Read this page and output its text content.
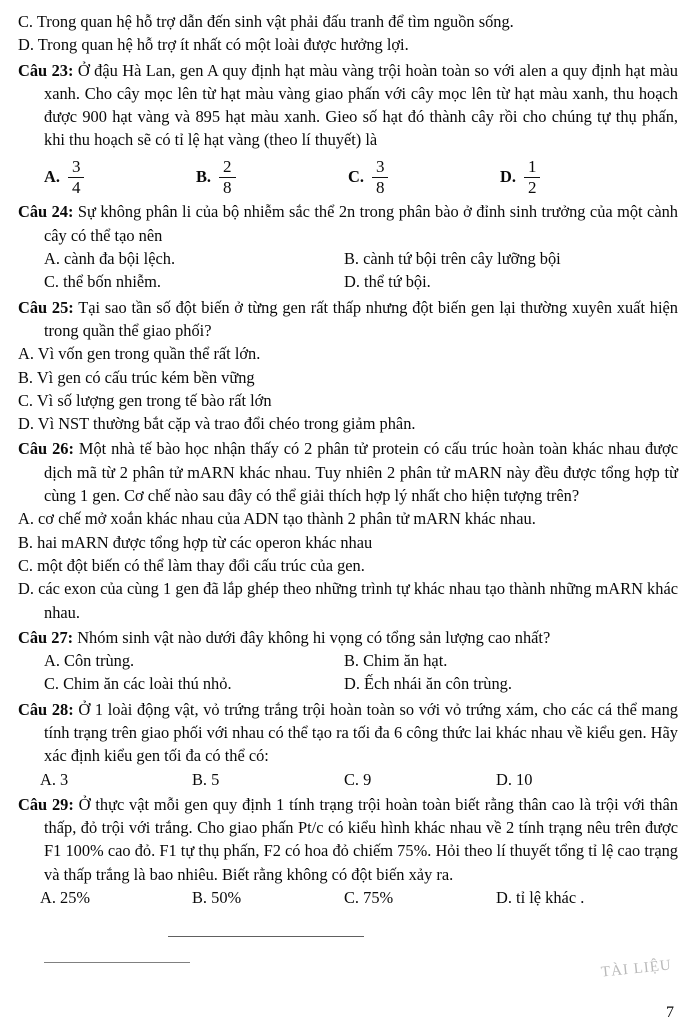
C. Trong quan hệ hỗ trợ dẫn đến sinh vật phải đấu tranh để tìm nguồn sống.
D. Trong quan hệ hỗ trợ ít nhất có một loài được hưởng lợi.
Câu 23: Ở đậu Hà Lan, gen A quy định hạt màu vàng trội hoàn toàn so với alen a quy định hạt màu xanh. Cho cây mọc lên từ hạt màu vàng giao phấn với cây mọc lên từ hạt màu xanh, thu hoạch được 900 hạt vàng và 895 hạt màu xanh. Gieo số hạt đó thành cây rồi cho chúng tự thụ phấn, khi thu hoạch sẽ có tỉ lệ hạt vàng (theo lí thuyết) là
A. $\frac{3}{4}$	B. $\frac{2}{8}$	C. $\frac{3}{8}$	D. $\frac{1}{2}$
Câu 24: Sự không phân li của bộ nhiễm sắc thể 2n trong phân bào ở đỉnh sinh trưởng của một cành cây có thể tạo nên
A. cành đa bội lệch.	B. cành tứ bội trên cây lưỡng bội
C. thể bốn nhiễm.	D. thể tứ bội.
Câu 25: Tại sao tần số đột biến ở từng gen rất thấp nhưng đột biến gen lại thường xuyên xuất hiện trong quần thể giao phối?
A. Vì vốn gen trong quần thể rất lớn.
B. Vì gen có cấu trúc kém bền vững
C. Vì số lượng gen trong tế bào rất lớn
D. Vì NST thường bắt cặp và trao đổi chéo trong giảm phân.
Câu 26: Một nhà tế bào học nhận thấy có 2 phân tử protein có cấu trúc hoàn toàn khác nhau được dịch mã từ 2 phân tử mARN khác nhau. Tuy nhiên 2 phân tử mARN này đều được tổng hợp từ cùng 1 gen. Cơ chế nào sau đây có thể giải thích hợp lý nhất cho hiện tượng trên?
A. cơ chế mở xoắn khác nhau của ADN tạo thành 2 phân tử mARN khác nhau.
B. hai mARN được tổng hợp từ các operon khác nhau
C. một đột biến có thể làm thay đổi cấu trúc của gen.
D. các exon của cùng 1 gen đã lắp ghép theo những trình tự khác nhau tạo thành những mARN khác nhau.
Câu 27: Nhóm sinh vật nào dưới đây không hi vọng có tổng sản lượng cao nhất?
A. Côn trùng.	B. Chim ăn hạt.
C. Chim ăn các loài thú nhỏ.	D. Ếch nhái ăn côn trùng.
Câu 28: Ở 1 loài động vật, vỏ trứng trắng trội hoàn toàn so với vỏ trứng xám, cho các cá thể mang tính trạng trên giao phối với nhau có thể tạo ra tối đa 6 công thức lai khác nhau về kiểu gen. Hãy xác định kiểu gen tối đa có thể có:
A. 3	B. 5	C. 9	D. 10
Câu 29: Ở thực vật mỗi gen quy định 1 tính trạng trội hoàn toàn biết rằng thân cao là trội với thân thấp, đỏ trội với trắng. Cho giao phấn Pt/c có kiểu hình khác nhau về 2 tính trạng nêu trên được F1 100% cao đỏ. F1 tự thụ phấn, F2 có hoa đỏ chiếm 75%. Hỏi theo lí thuyết tổng tỉ lệ cao trạng và thấp trắng là bao nhiêu. Biết rằng không có đột biến xảy ra.
A. 25%	B. 50%	C. 75%	D. tỉ lệ khác .
TÀI LIỆU
7
